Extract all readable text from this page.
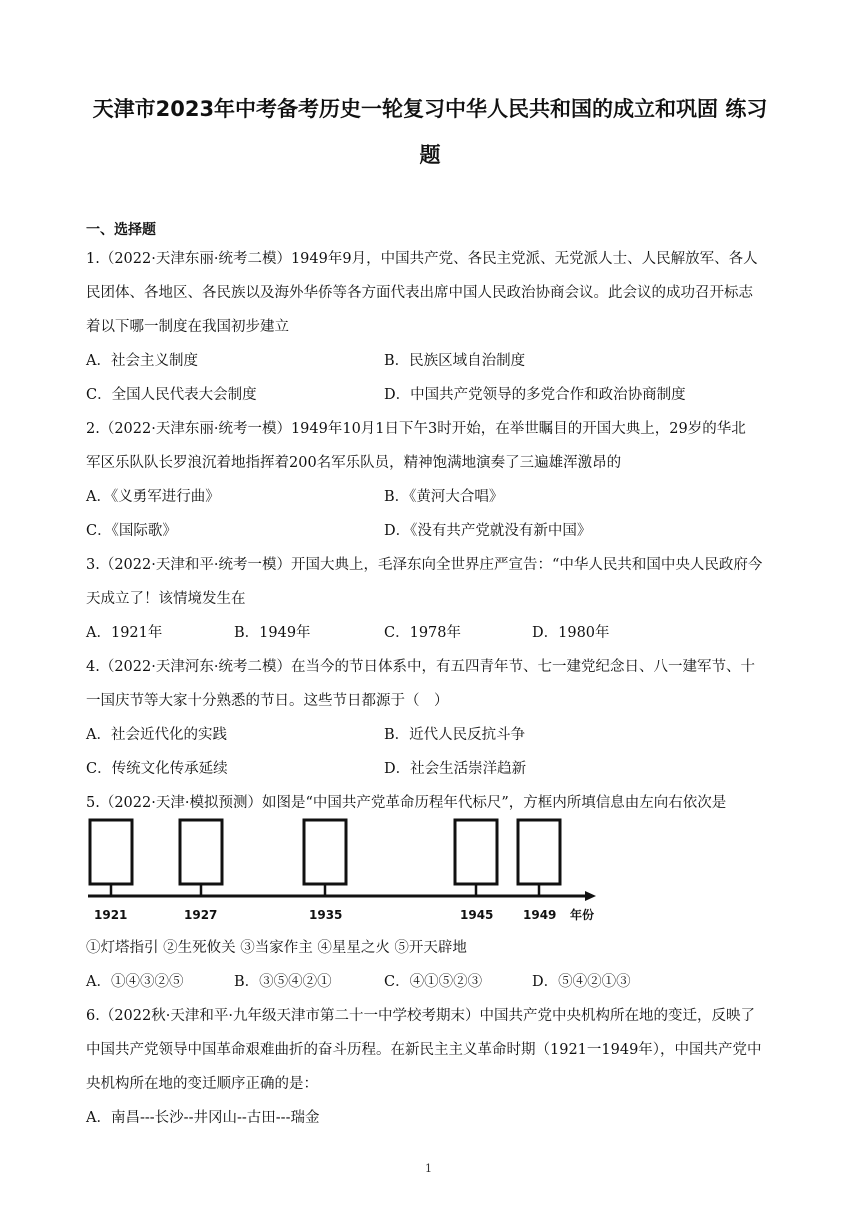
天津市2023年中考备考历史一轮复习中华人民共和国的成立和巩固 练习
题
一、选择题
1.（2022·天津东丽·统考二模）1949年9月，中国共产党、各民主党派、无党派人士、人民解放军、各人
民团体、各地区、各民族以及海外华侨等各方面代表出席中国人民政治协商会议。此会议的成功召开标志
着以下哪一制度在我国初步建立
A．社会主义制度	B．民族区域自治制度
C．全国人民代表大会制度	D．中国共产党领导的多党合作和政治协商制度
2.（2022·天津东丽·统考一模）1949年10月1日下午3时开始，在举世瞩目的开国大典上，29岁的华北
军区乐队队长罗浪沉着地指挥着200名军乐队员，精神饱满地演奏了三遍雄浑激昂的
A．《义勇军进行曲》	B．《黄河大合唱》
C．《国际歌》	D．《没有共产党就没有新中国》
3.（2022·天津和平·统考一模）开国大典上，毛泽东向全世界庄严宣告：“中华人民共和国中央人民政府今
天成立了！该情境发生在
A．1921年	B．1949年	C．1978年	D．1980年
4.（2022·天津河东·统考二模）在当今的节日体系中，有五四青年节、七一建党纪念日、八一建军节、十
一国庆节等大家十分熟悉的节日。这些节日都源于（　）
A．社会近代化的实践	B．近代人民反抗斗争
C．传统文化传承延续	D．社会生活崇洋趋新
5.（2022·天津·模拟预测）如图是“中国共产党革命历程年代标尺”，方框内所填信息由左向右依次是
1921	1927	1935	1945 1949 年份
①灯塔指引 ②生死攸关 ③当家作主 ④星星之火 ⑤开天辟地
A．①④③②⑤	B．③⑤④②①	C．④①⑤②③	D．⑤④②①③
6.（2022秋·天津和平·九年级天津市第二十一中学校考期末）中国共产党中央机构所在地的变迁，反映了
中国共产党领导中国革命艰难曲折的奋斗历程。在新民主主义革命时期（1921一1949年），中国共产党中
央机构所在地的变迁顺序正确的是：
A．南昌---长沙--井冈山--古田---瑞金
1
